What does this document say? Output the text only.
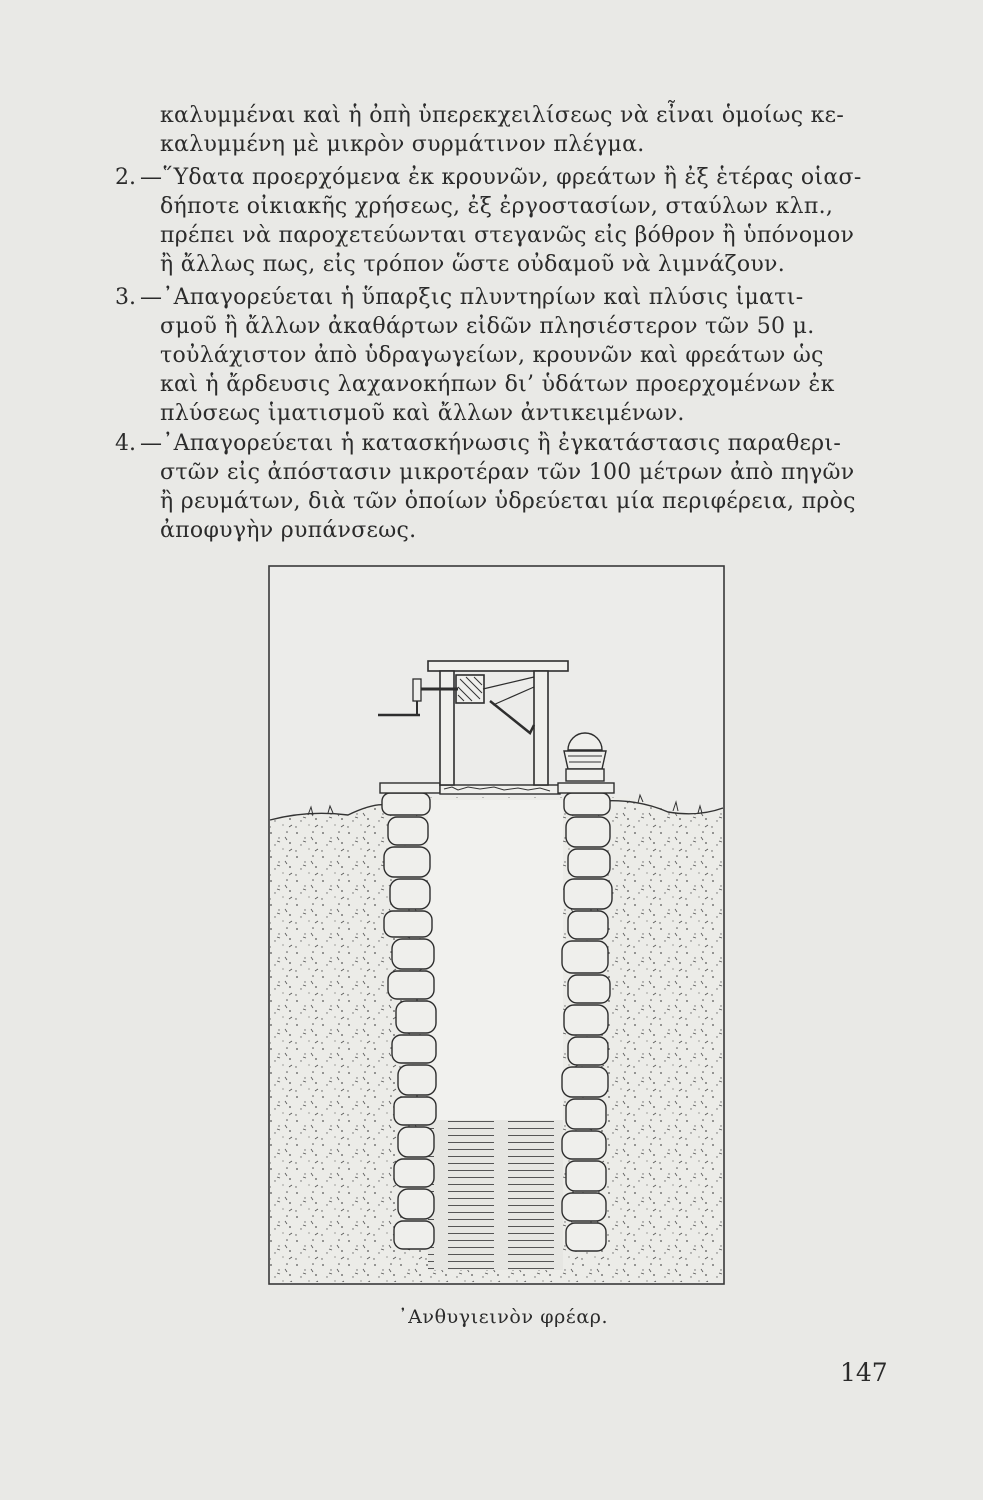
καλυμμέναι καὶ ἡ ὀπὴ ὑπερεκχειλίσεως νὰ εἶναι ὁμοίως κε-
καλυμμένη μὲ μικρὸν συρμάτινον πλέγμα.
2. —῞Υδατα προερχόμενα ἐκ κρουνῶν, φρεάτων ἢ ἐξ ἑτέρας οἱασ-
δήποτε οἰκιακῆς χρήσεως, ἐξ ἐργοστασίων, σταύλων κλπ.,
πρέπει νὰ παροχετεύωνται στεγανῶς εἰς βόθρον ἢ ὑπόνομον
ἢ ἄλλως πως, εἰς τρόπον ὥστε οὐδαμοῦ νὰ λιμνάζουν.
3. —᾿Απαγορεύεται ἡ ὕπαρξις πλυντηρίων καὶ πλύσις ἱματι-
σμοῦ ἢ ἄλλων ἀκαθάρτων εἰδῶν πλησιέστερον τῶν 50 μ.
τοὐλάχιστον ἀπὸ ὑδραγωγείων, κρουνῶν καὶ φρεάτων ὡς
καὶ ἡ ἄρδευσις λαχανοκήπων δι’ ὑδάτων προερχομένων ἐκ
πλύσεως ἱματισμοῦ καὶ ἄλλων ἀντικειμένων.
4. —᾿Απαγορεύεται ἡ κατασκήνωσις ἢ ἐγκατάστασις παραθερι-
στῶν εἰς ἀπόστασιν μικροτέραν τῶν 100 μέτρων ἀπὸ πηγῶν
ἢ ρευμάτων, διὰ τῶν ὁποίων ὑδρεύεται μία περιφέρεια, πρὸς
ἀποφυγὴν ρυπάνσεως.
᾿Ανθυγιεινὸν φρέαρ.
147
